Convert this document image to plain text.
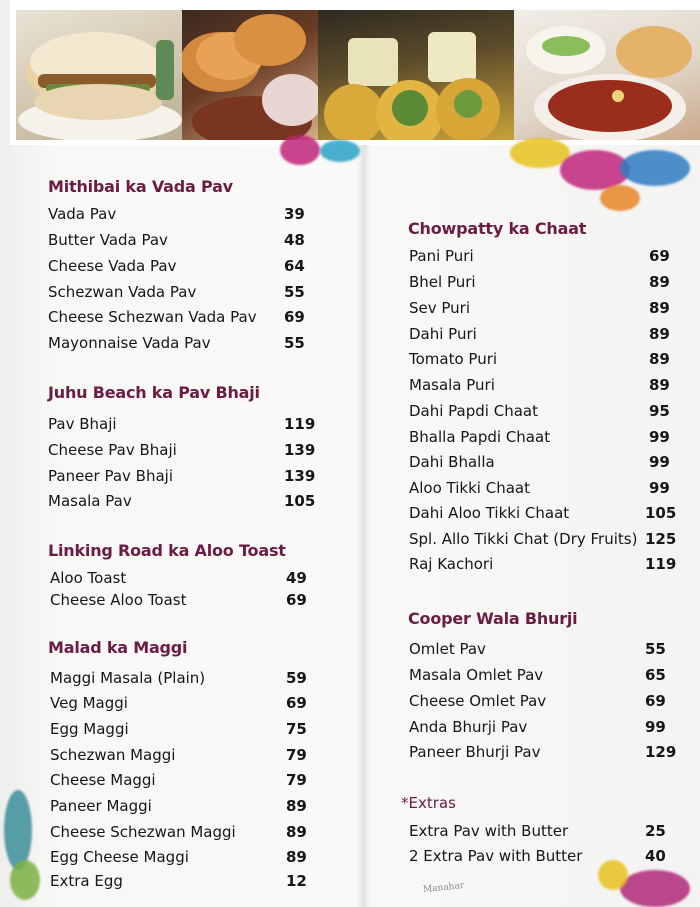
Mithibai ka Vada Pav
Vada Pav	39
Butter Vada Pav	48
Cheese Vada Pav	64
Schezwan Vada Pav	55
Cheese Schezwan Vada Pav 69
Mayonnaise Vada Pav	55
Juhu Beach ka Pav Bhaji
Pav Bhaji	119
Cheese Pav Bhaji	139
Paneer Pav Bhaji	139
Masala Pav	105
Linking Road ka Aloo Toast
Aloo Toast	49
Cheese Aloo Toast	69
Malad ka Maggi
Maggi Masala (Plain)	59
Veg Maggi	69
Egg Maggi	75
Schezwan Maggi	79
Cheese Maggi	79
Paneer Maggi	89
Cheese Schezwan Maggi	89
Egg Cheese Maggi	89
Extra Egg	12
Chowpatty ka Chaat
Pani Puri	69
Bhel Puri	89
Sev Puri	89
Dahi Puri	89
Tomato Puri	89
Masala Puri	89
Dahi Papdi Chaat	95
Bhalla Papdi Chaat	99
Dahi Bhalla	99
Aloo Tikki Chaat	99
Dahi Aloo Tikki Chaat	105
Spl. Allo Tikki Chat (Dry Fruits) 125
Raj Kachori	119
Cooper Wala Bhurji
Omlet Pav	55
Masala Omlet Pav	65
Cheese Omlet Pav	69
Anda Bhurji Pav	99
Paneer Bhurji Pav	129
*Extras
Extra Pav with Butter	25
2 Extra Pav with Butter	40
Manahar
